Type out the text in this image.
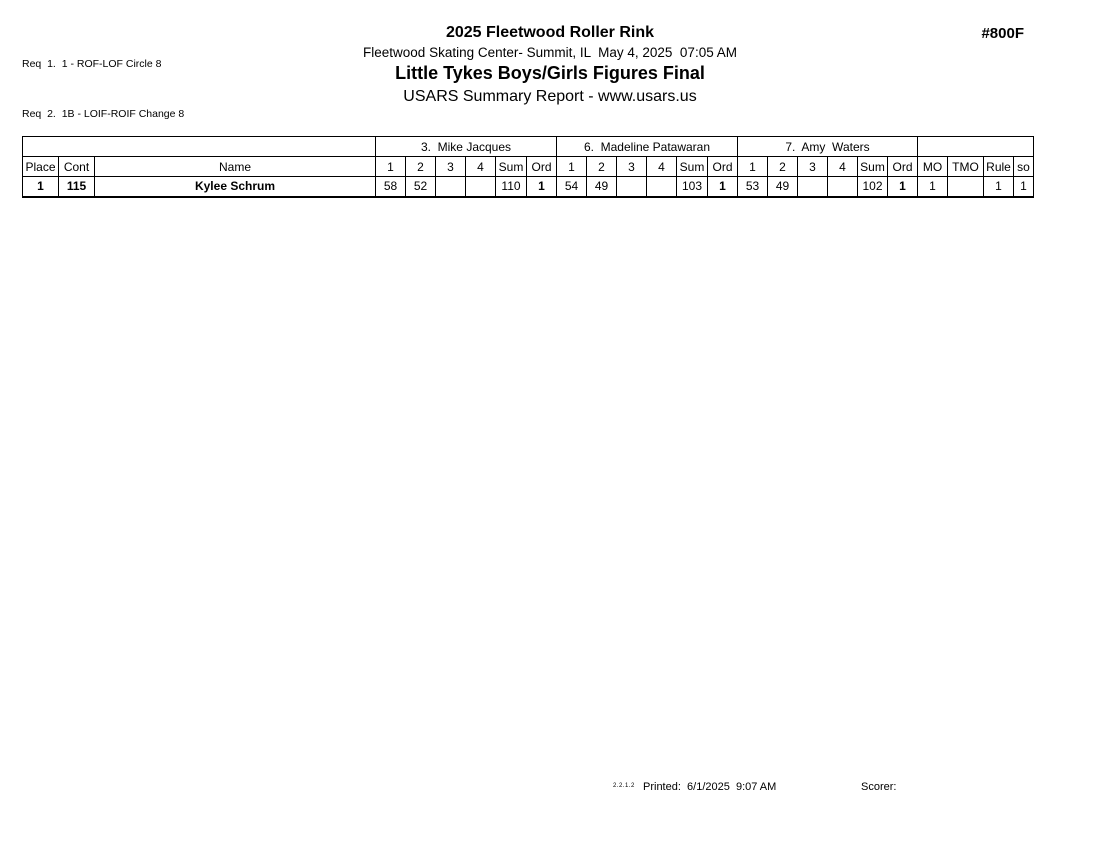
Req  1.  1 - ROF-LOF Circle 8

Req  2.  1B - LOIF-ROIF Change 8

2025 Fleetwood Roller Rink
Fleetwood Skating Center- Summit, IL  May 4, 2025  07:05 AM
Little Tykes Boys/Girls Figures Final
USARS Summary Report - www.usars.us
#800F
			3.  Mike Jacques						6.  Madeline Patawaran						7.  Amy  Waters									
Place	Cont	Name	1	2	3	4	Sum	Ord	1	2	3	4	Sum	Ord	1	2	3	4	Sum	Ord	MO	TMO	Rule	so
1	115	Kylee Schrum	58	52			110	1	54	49			103	1	53	49			102	1	1		1	1
2.2.1.2 Printed:  6/1/2025  9:07 AM	Scorer:
